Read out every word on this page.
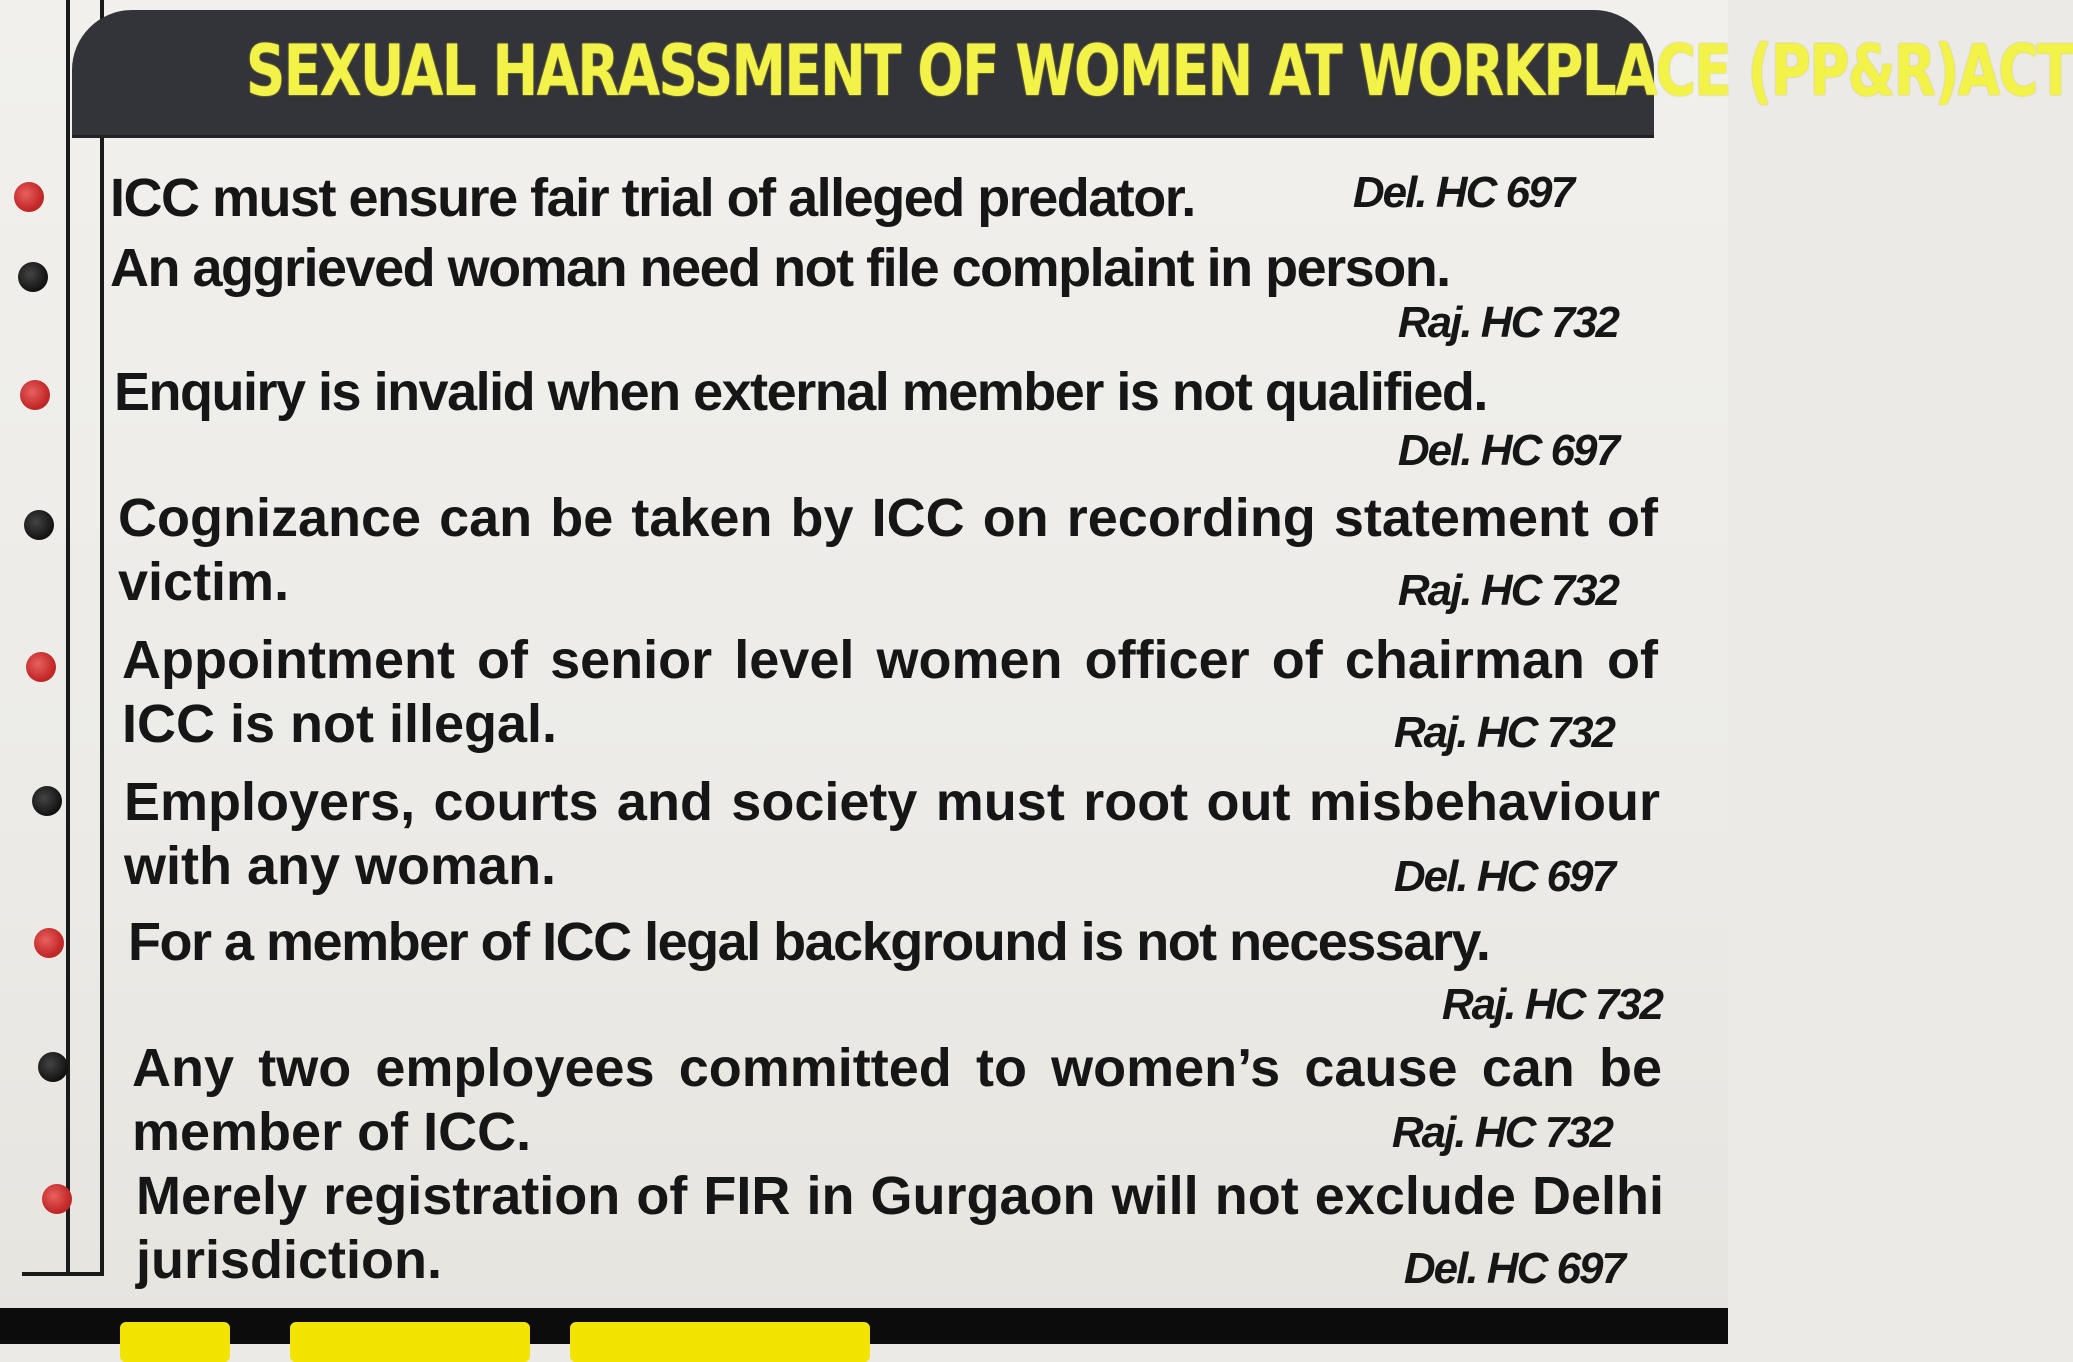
SEXUAL HARASSMENT OF WOMEN AT WORKPLACE (PP&R)ACT
ICC must ensure fair trial of alleged predator.	Del. HC 697
An aggrieved woman need not file complaint in person.
Raj. HC 732
Enquiry is invalid when external member is not qualified.
Del. HC 697
Cognizance can be taken by ICC on recording statement of victim.	Raj. HC 732
Appointment of senior level women officer of chairman of ICC is not illegal.	Raj. HC 732
Employers, courts and society must root out misbehaviour with any woman.	Del. HC 697
For a member of ICC legal background is not necessary.
Raj. HC 732
Any two employees committed to women’s cause can be member of ICC.	Raj. HC 732
Merely registration of FIR in Gurgaon will not exclude Delhi jurisdiction.	Del. HC 697
